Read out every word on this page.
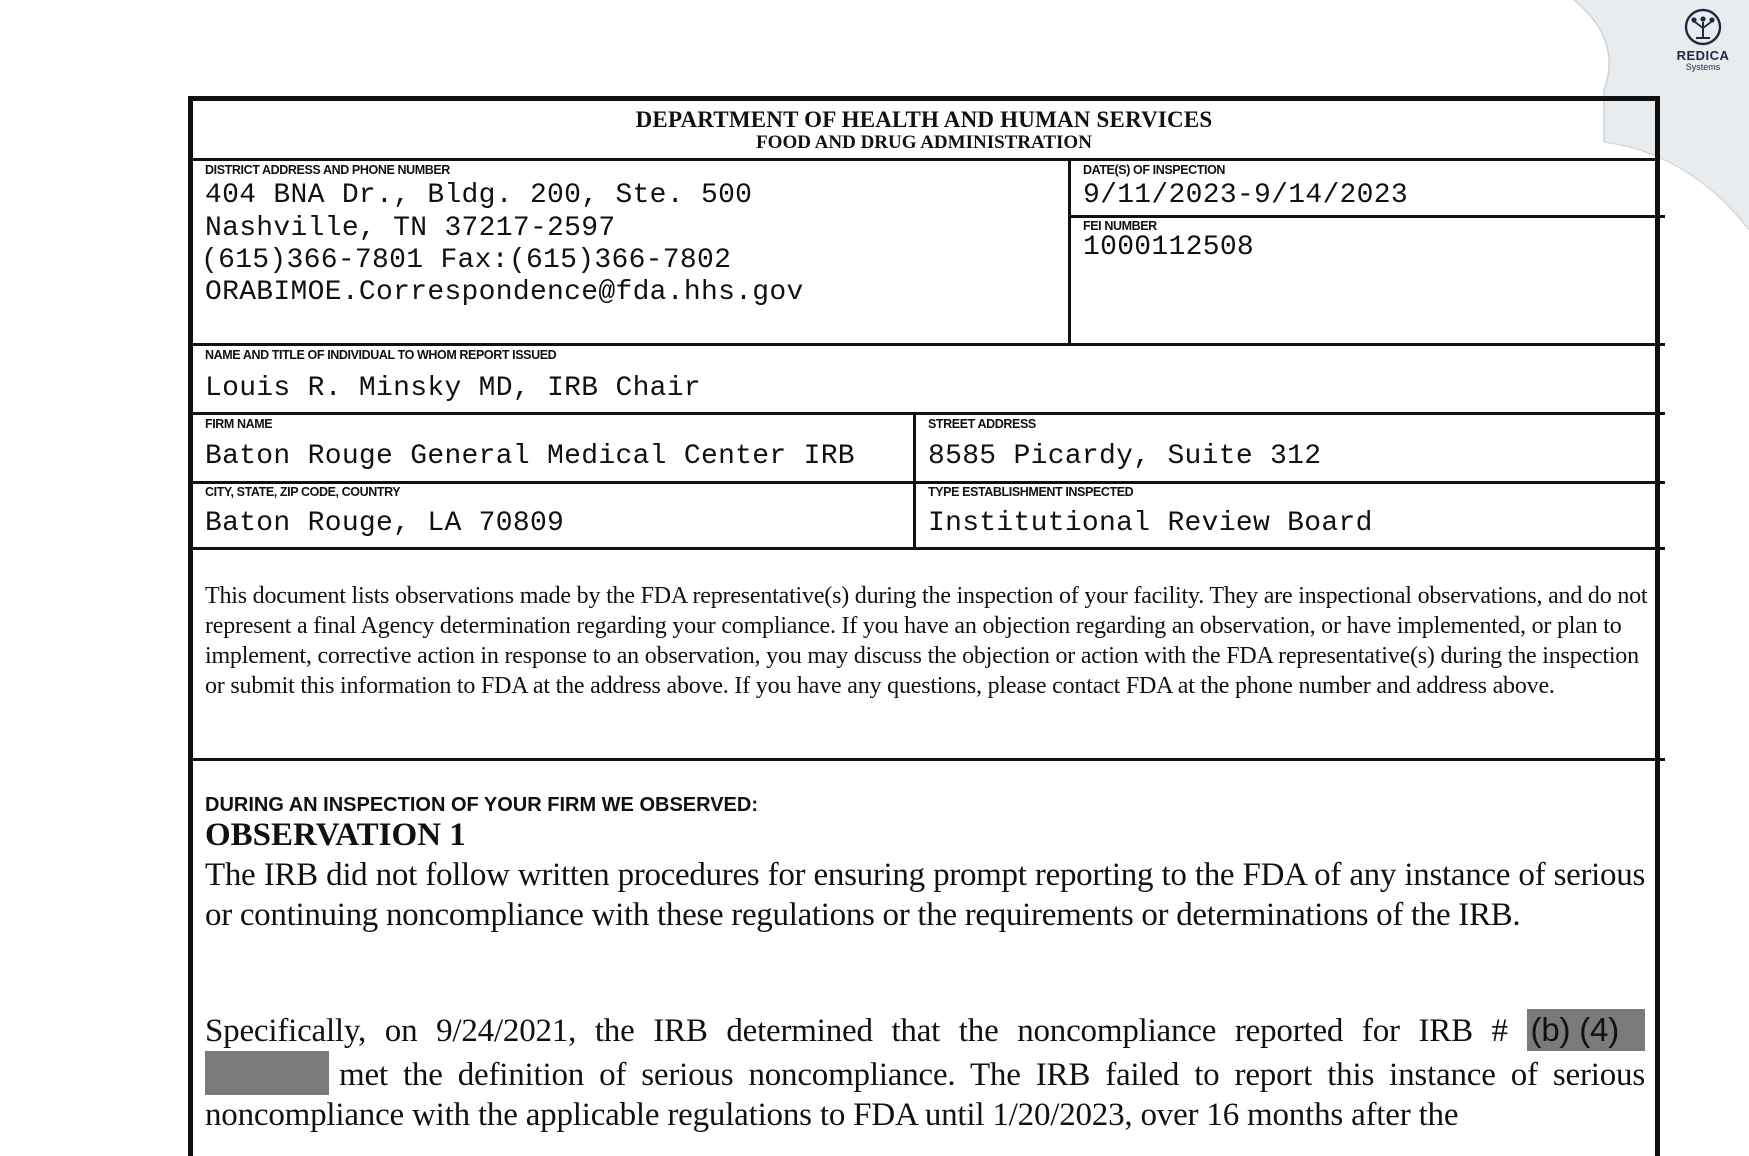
REDICA
Systems
DEPARTMENT OF HEALTH AND HUMAN SERVICES
FOOD AND DRUG ADMINISTRATION
DISTRICT ADDRESS AND PHONE NUMBER
404 BNA Dr., Bldg. 200, Ste. 500
Nashville, TN 37217-2597
(615)366-7801 Fax:(615)366-7802
ORABIMOE.Correspondence@fda.hhs.gov
DATE(S) OF INSPECTION
9/11/2023-9/14/2023
FEI NUMBER
1000112508
NAME AND TITLE OF INDIVIDUAL TO WHOM REPORT ISSUED
Louis R. Minsky MD, IRB Chair
FIRM NAME
Baton Rouge General Medical Center IRB
STREET ADDRESS
8585 Picardy, Suite 312
CITY, STATE, ZIP CODE, COUNTRY
Baton Rouge, LA 70809
TYPE ESTABLISHMENT INSPECTED
Institutional Review Board
This document lists observations made by the FDA representative(s) during the inspection of your facility. They are inspectional observations, and do not represent a final Agency determination regarding your compliance. If you have an objection regarding an observation, or have implemented, or plan to implement, corrective action in response to an observation, you may discuss the objection or action with the FDA representative(s) during the inspection or submit this information to FDA at the address above. If you have any questions, please contact FDA at the phone number and address above.
DURING AN INSPECTION OF YOUR FIRM WE OBSERVED:
OBSERVATION 1
The IRB did not follow written procedures for ensuring prompt reporting to the FDA of any instance of serious or continuing noncompliance with these regulations or the requirements or determinations of the IRB.
Specifically, on 9/24/2021, the IRB determined that the noncompliance reported for IRB # (b) (4) met the definition of serious noncompliance. The IRB failed to report this instance of serious noncompliance with the applicable regulations to FDA until 1/20/2023, over 16 months after the
